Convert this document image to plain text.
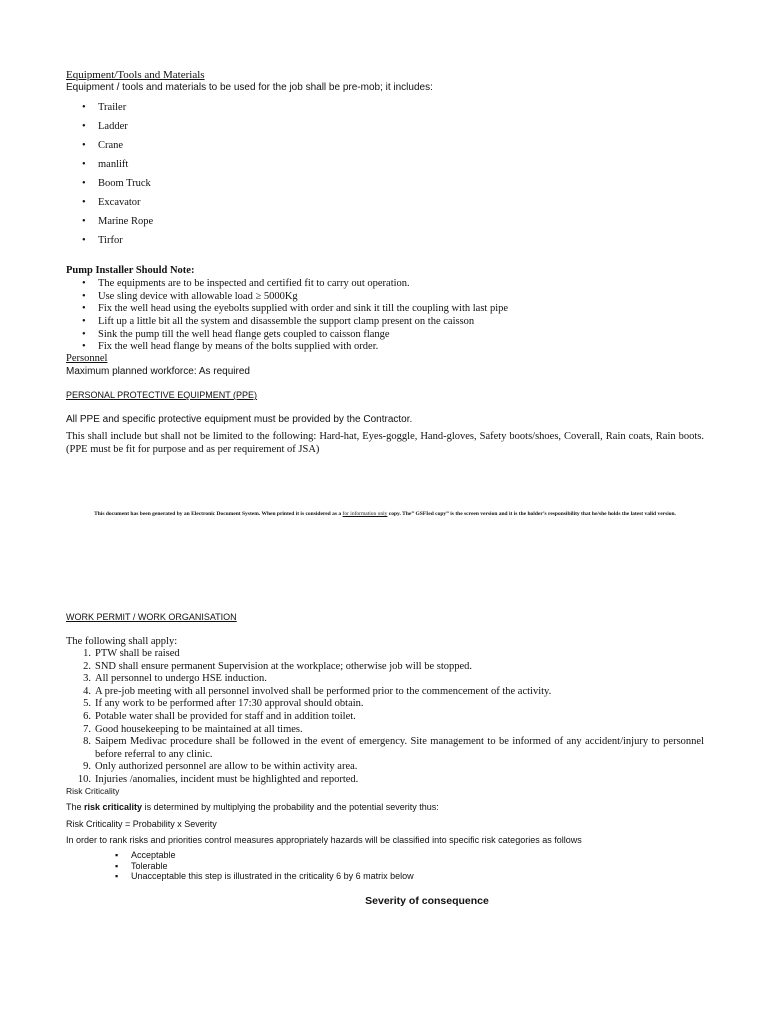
Equipment/Tools and Materials
Equipment / tools and materials to be used for the job shall be pre-mob; it includes:
• Trailer
• Ladder
• Crane
• manlift
• Boom Truck
• Excavator
• Marine Rope
• Tirfor
Pump Installer Should Note:
• The equipments are to be inspected and certified fit to carry out operation.
• Use sling device with allowable load ≥ 5000Kg
• Fix the well head using the eyebolts supplied with order and sink it till the coupling with last pipe
• Lift up a little bit all the system and disassemble the support clamp present on the caisson
• Sink the pump till the well head flange gets coupled to caisson flange
• Fix the well head flange by means of the bolts supplied with order.
Personnel
Maximum planned workforce: As required
PERSONAL PROTECTIVE EQUIPMENT (PPE)
All PPE and specific protective equipment must be provided by the Contractor.
This shall include but shall not be limited to the following: Hard-hat, Eyes-goggle, Hand-gloves, Safety boots/shoes, Coverall, Rain coats, Rain boots. (PPE must be fit for purpose and as per requirement of JSA)
This document has been generated by an Electronic Document System. When printed it is considered as a for information only copy. The” GSFIed copy” is the screen version and it is the holder’s responsibility that he/she holds the latest valid version.
WORK PERMIT / WORK ORGANISATION
The following shall apply:
1. PTW shall be raised
2. SND shall ensure permanent Supervision at the workplace; otherwise job will be stopped.
3. All personnel to undergo HSE induction.
4. A pre-job meeting with all personnel involved shall be performed prior to the commencement of the activity.
5. If any work to be performed after 17:30 approval should obtain.
6. Potable water shall be provided for staff and in addition toilet.
7. Good housekeeping to be maintained at all times.
8. Saipem Medivac procedure shall be followed in the event of emergency. Site management to be informed of any accident/injury to personnel before referral to any clinic.
9. Only authorized personnel are allow to be within activity area.
10. Injuries /anomalies, incident must be highlighted and reported.
Risk Criticality
The risk criticality is determined by multiplying the probability and the potential severity thus:
Risk Criticality = Probability x Severity
In order to rank risks and priorities control measures appropriately hazards will be classified into specific risk categories as follows
▪ Acceptable
▪ Tolerable
▪ Unacceptable this step is illustrated in the criticality 6 by 6 matrix below
Severity of consequence
